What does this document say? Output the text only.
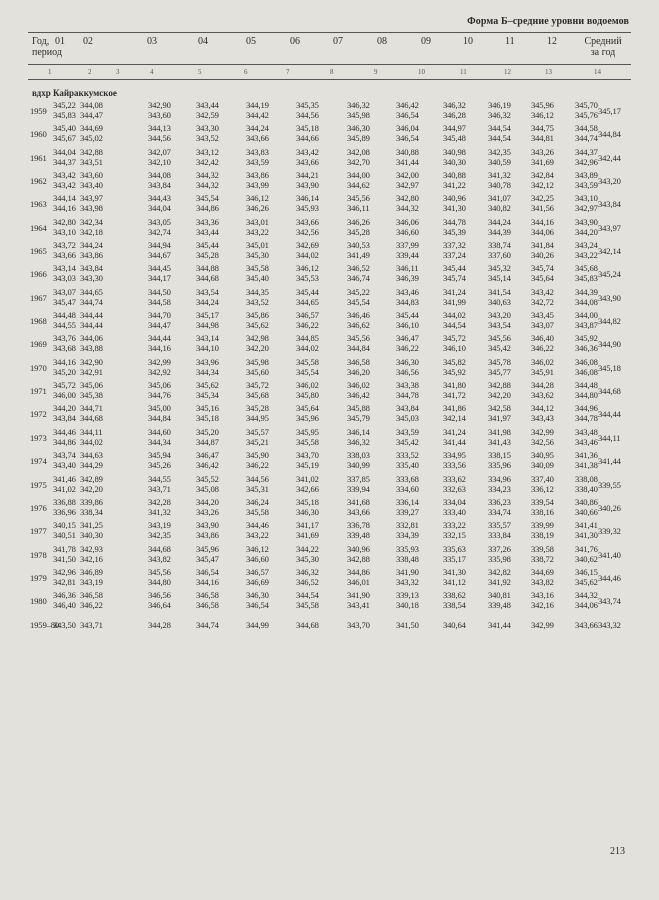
Форма Б–средние уровни водоемов
Год,
период
Средний
за год
01 02	03	04	05	06	07	08	09	10	11	12
1	2	3	4	5	6	7	8	9	10	11	12	13	14
вдхр Кайраккумское
1959
345,22 344,08	342,90	343,44	344,19	345,35	346,32	346,42	346,32	346,19 345,96 345,70
345,83 344,47	343,60	342,59	344,42	344,56	345,98	346,54	346,28	346,32 346,12 345,76 345,17
1960
345,40 344,69	344,13	343,30	344,24	345,18	346,30	346,04	344,97	344,54 344,75 344,58
345,67 345,02	344,56	343,52	343,66	344,66	345,89	346,54	345,48	344,54 344,81 344,74 344,84
1961
344,04 342,88	342,07	343,12	343,83	343,42	342,08	340,88	340,98	342,35 343,26 344,37
344,37 343,51	342,10	342,42	343,59	343,66	342,70	341,44	340,30	340,59 341,69 342,96 342,44
1962
343,42 343,60	344,08	344,32	343,86	344,21	344,00	342,00	340,88	341,32 342,84 343,89
343,42 343,40	343,84	344,32	343,99	343,90	344,62	342,97	341,22	340,78 342,12 343,59 343,20
1963
344,14 343,97	344,43	345,54	346,12	346,14	345,56	342,80	340,96	341,07 342,25 343,10
344,16 343,98	344,04	344,86	346,26	345,93	346,11	344,32	341,30	340,82 341,56 342,97 343,84
1964
342,80 342,34	343,05	343,36	343,01	343,66	346,26	346,06	344,78	344,24 344,16 343,90
343,10 342,18	342,74	343,44	343,22	342,56	345,28	346,60	345,39	344,39 344,06 344,20 343,97
1965
343,72 344,24	344,94	345,44	345,01	342,69	340,53	337,99	337,32	338,74 341,84 343,24
343,66 343,86	344,67	345,28	345,30	344,02	341,49	339,44	337,24	337,60 340,26 343,22 342,14
1966
343,14 343,84	344,45	344,88	345,58	346,12	346,52	346,11	345,44	345,32 345,74 345,68
343,03 343,30	344,17	344,68	345,40	345,53	346,74	346,39	345,74	345,14 345,64 345,83 345,24
1967
343,07 344,65	344,50	343,54	344,35	345,44	345,22	343,46	341,24	341,54 343,42 344,39
345,47 344,74	344,58	344,24	343,52	344,65	345,54	344,83	341,99	340,63 342,72 344,08 343,90
1968
344,48 344,44	344,70	345,17	345,86	346,57	346,46	345,44	344,02	343,20 343,45 344,00
344,55 344,44	344,47	344,98	345,62	346,22	346,62	346,10	344,54	343,54 343,07 343,87 344,82
1969
343,76 344,06	344,44	343,14	342,98	344,85	345,56	346,47	345,72	345,56 346,40 345,92
343,68 343,88	344,16	344,10	342,20	344,02	344,84	346,22	346,10	345,42 346,22 346,36 344,90
1970
344,16 342,90	342,99	343,96	345,98	345,58	346,58	346,30	345,82	345,78 346,02 346,08
345,20 342,91	342,92	344,34	345,60	345,54	346,20	346,56	345,92	345,77 345,91 346,08 345,18
1971
345,72 345,06	345,06	345,62	345,72	346,02	346,02	343,38	341,80	342,88 344,28 344,48
346,00 345,38	344,76	345,34	345,68	345,80	346,42	344,78	341,72	342,20 343,62 344,80 344,68
1972
344,20 344,71	345,00	345,16	345,28	345,64	345,88	343,84	341,86	342,58 344,12 344,96
343,84 344,68	344,84	345,18	344,95	345,96	345,79	345,03	342,14	341,97 343,43 344,78 344,44
1973
344,46 344,11	344,60	345,20	345,57	345,95	346,14	343,59	341,24	341,98 342,99 343,48
344,86 344,02	344,34	344,87	345,21	345,58	346,32	345,42	341,44	341,43 342,56 343,46 344,11
1974
343,74 344,63	345,94	346,47	345,90	343,70	338,03	333,52	334,95	338,15 340,95 341,36
343,40 344,29	345,26	346,42	346,22	345,19	340,99	335,40	333,56	335,96 340,09 341,38 341,44
1975
341,46 342,89	344,55	345,52	344,56	341,02	337,85	333,68	333,62	334,96 337,40 338,08
341,02 342,20	343,71	345,08	345,31	342,66	339,94	334,60	332,63	334,23 336,12 338,40 339,55
1976
336,88 339,86	342,28	344,20	346,24	345,18	341,68	336,14	334,04	336,23 339,54 340,86
336,96 338,34	341,32	343,26	345,58	346,30	343,66	339,27	333,40	334,74 338,16 340,66 340,26
1977
340,15 341,25	343,19	343,90	344,46	341,17	336,78	332,81	333,22	335,57 339,99 341,41
340,51 340,30	342,35	343,86	343,22	341,69	339,48	334,39	332,15	333,84 338,19 341,30 339,32
1978
341,78 342,93	344,68	345,96	346,12	344,22	340,96	335,93	335,63	337,26 339,58 341,76
341,50 342,16	343,82	345,47	346,60	345,30	342,88	338,48	335,17	335,98 338,72 340,62 341,40
1979
342,96 346,89	345,56	346,54	346,57	346,32	344,86	341,90	341,30	342,82 344,69 346,15
342,81 343,19	344,80	344,16	346,69	346,52	346,01	343,32	341,12	341,92 343,82 345,62 344,46
1980
346,36 346,58	346,56	346,58	346,30	344,54	341,90	339,13	338,62	340,81 343,16 344,32
346,40 346,22	346,64	346,58	346,54	345,58	343,41	340,18	338,54	339,48 342,16 344,06 343,74
1959–80
343,50 343,71	344,28	344,74	344,99	344,68	343,70	341,50	340,64	341,44 342,99 343,66 343,32
213
